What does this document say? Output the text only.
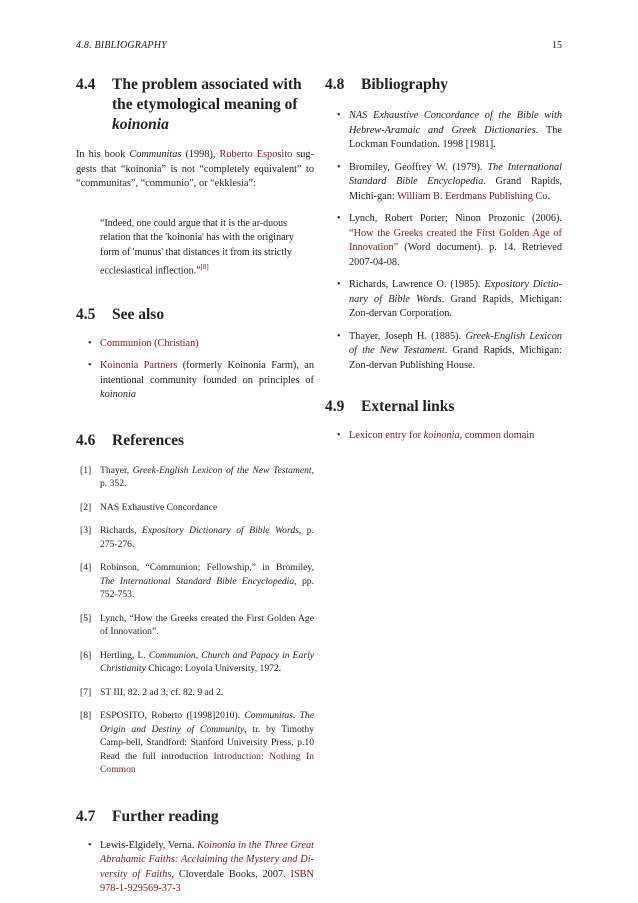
4.8. BIBLIOGRAPHY	15
4.4	The problem associated with
the etymological meaning of
koinonia

In his book Communitas (1998), Roberto Esposito sug-gests that “koinonia” is not “completely equivalent” to “communitas”, “communio”, or “ekklesia”:

“Indeed, one could argue that it is the ar-duous relation that the 'koinonia' has with the originary form of 'munus' that distances it from its strictly ecclesiastical inflection.”[8]

4.5	See also
• Communion (Christian)
• Koinonia Partners (formerly Koinonia Farm), an intentional community founded on principles of koinonia
4.6	References
[1] Thayer, Greek-English Lexicon of the New Testament, p. 352.
[2] NAS Exhaustive Concordance
[3] Richards, Expository Dictionary of Bible Words, p. 275-276.
[4] Robinson, “Communion; Fellowship,” in Bromiley, The International Standard Bible Encyclopedia, pp. 752-753.
[5] Lynch, “How the Greeks created the First Golden Age of Innovation”.
[6] Hertling, L. Communion, Church and Papacy in Early Christianity Chicago: Loyola University, 1972.
[7] ST III, 82. 2 ad 3; cf. 82. 9 ad 2.
[8] ESPOSITO, Roberto ([1998]2010). Communitas. The Origin and Destiny of Community, tr. by Timothy Camp-bell, Standford: Stanford University Press, p.10 Read the full introduction Introduction: Nothing In Common
4.7	Further reading
• Lewis-Elgidely, Verna. Koinonia in the Three Great Abrahamic Faiths: Acclaiming the Mystery and Di-versity of Faiths, Cloverdale Books, 2007. ISBN 978-1-929569-37-3
4.8	Bibliography
• NAS Exhaustive Concordance of the Bible with Hebrew-Aramaic and Greek Dictionaries. The Lockman Foundation. 1998 [1981].
• Bromiley, Geoffrey W. (1979). The International Standard Bible Encyclopedia. Grand Rapids, Michi-gan: William B. Eerdmans Publishing Co.
• Lynch, Robert Porter; Ninon Prozonic (2006). “How the Greeks created the First Golden Age of Innovation” (Word document). p. 14. Retrieved 2007-04-08.
• Richards, Lawrence O. (1985). Expository Dictio-nary of Bible Words. Grand Rapids, Michigan: Zon-dervan Corporation.
• Thayer, Joseph H. (1885). Greek-English Lexicon of the New Testament. Grand Rapids, Michigan: Zon-dervan Publishing House.
4.9	External links
• Lexicon entry for koinonia, common domain
